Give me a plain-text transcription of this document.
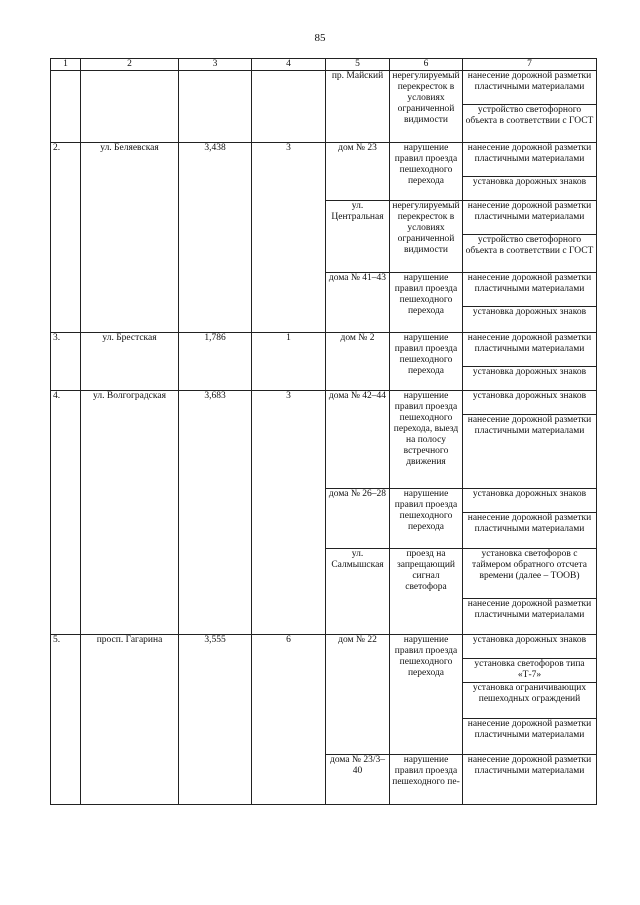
85
1	2	3	4	5	6	7
				пр. Майский	нерегулируемый перекресток в условиях ограниченной видимости	нанесение дорожной разметки пластичными материалами
						устройство светофорного объекта в соответствии с ГОСТ
2.	ул. Беляевская	3,438	3	дом № 23	нарушение правил проезда пешеходного перехода	нанесение дорожной разметки пластичными материалами
						установка дорожных знаков
				ул. Центральная	нерегулируемый перекресток в условиях ограниченной видимости	нанесение дорожной разметки пластичными материалами
						устройство светофорного объекта в соответствии с ГОСТ
				дома № 41–43	нарушение правил проезда пешеходного перехода	нанесение дорожной разметки пластичными материалами
						установка дорожных знаков
3.	ул. Брестская	1,786	1	дом № 2	нарушение правил проезда пешеходного перехода	нанесение дорожной разметки пластичными материалами
						установка дорожных знаков
4.	ул. Волгоградская	3,683	3	дома № 42–44	нарушение правил проезда пешеходного перехода, выезд на полосу встречного движения	установка дорожных знаков
						нанесение дорожной разметки пластичными материалами
				дома № 26–28	нарушение правил проезда пешеходного перехода	установка дорожных знаков
						нанесение дорожной разметки пластичными материалами
				ул. Салмышская	проезд на запрещающий сигнал светофора	установка светофоров с таймером обратного отсчета времени (далее – ТООВ)
						нанесение дорожной разметки пластичными материалами
5.	просп. Гагарина	3,555	6	дом № 22	нарушение правил проезда пешеходного перехода	установка дорожных знаков
						установка светофоров типа «Т-7»
						установка ограничивающих пешеходных ограждений
						нанесение дорожной разметки пластичными материалами
				дома № 23/3–40	нарушение правил проезда пешеходного пе-	нанесение дорожной разметки пластичными материалами
